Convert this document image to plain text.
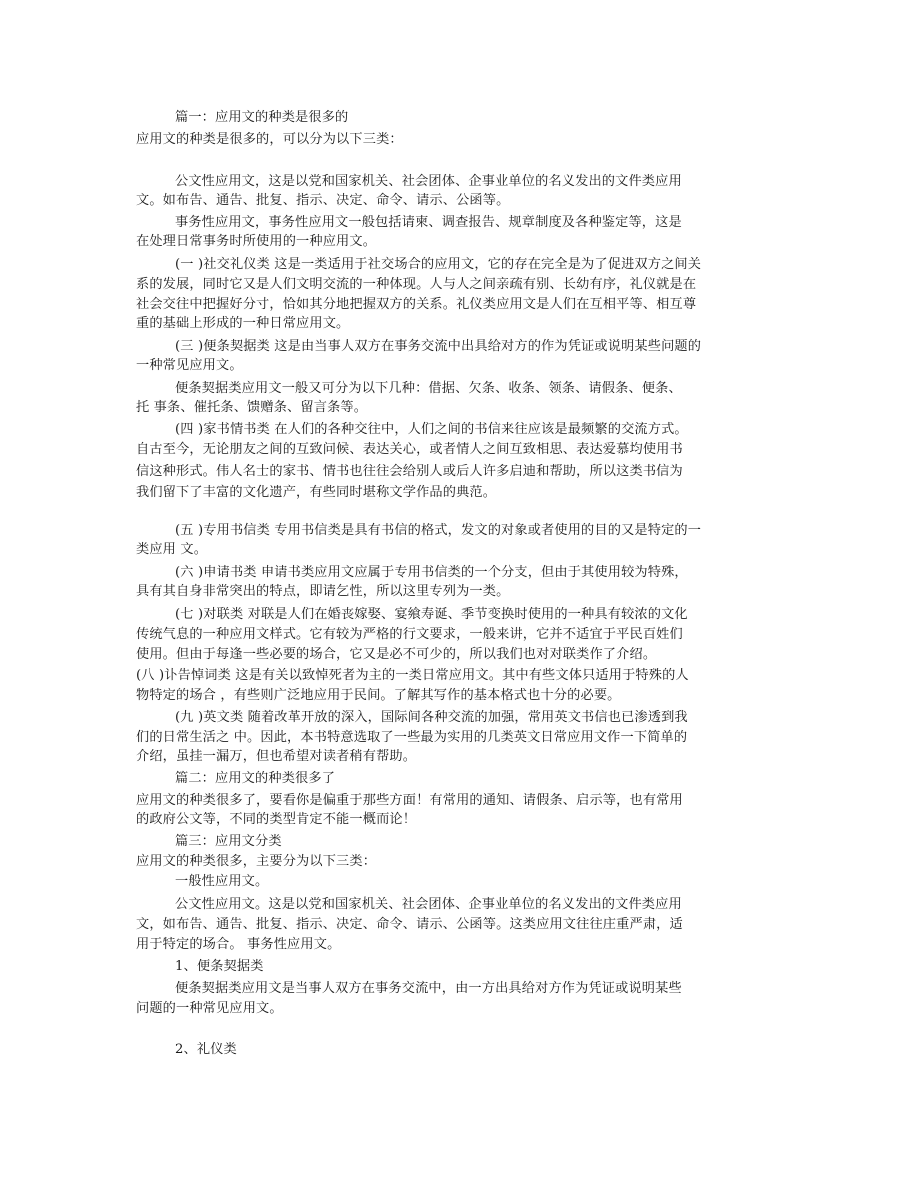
篇一：应用文的种类是很多的
应用文的种类是很多的，可以分为以下三类：
公文性应用文，这是以党和国家机关、社会团体、企事业单位的名义发出的文件类应用
文。如布告、通告、批复、指示、决定、命令、请示、公函等。
事务性应用文，事务性应用文一般包括请柬、调查报告、规章制度及各种鉴定等，这是
在处理日常事务时所使用的一种应用文。
(一 )社交礼仪类 这是一类适用于社交场合的应用文，它的存在完全是为了促进双方之间关
系的发展，同时它又是人们文明交流的一种体现。人与人之间亲疏有别、长幼有序，礼仪就是在
社会交往中把握好分寸，恰如其分地把握双方的关系。礼仪类应用文是人们在互相平等、相互尊
重的基础上形成的一种日常应用文。
(三 )便条契据类 这是由当事人双方在事务交流中出具给对方的作为凭证或说明某些问题的
一种常见应用文。
便条契据类应用文一般又可分为以下几种：借据、欠条、收条、领条、请假条、便条、
托 事条、催托条、馈赠条、留言条等。
(四 )家书情书类 在人们的各种交往中，人们之间的书信来往应该是最频繁的交流方式。
自古至今，无论朋友之间的互致问候、表达关心，或者情人之间互致相思、表达爱慕均使用书
信这种形式。伟人名士的家书、情书也往往会给别人或后人许多启迪和帮助，所以这类书信为
我们留下了丰富的文化遗产，有些同时堪称文学作品的典范。
(五 )专用书信类 专用书信类是具有书信的格式，发文的对象或者使用的目的又是特定的一
类应用 文。
(六 )申请书类 申请书类应用文应属于专用书信类的一个分支，但由于其使用较为特殊，
具有其自身非常突出的特点，即请乞性，所以这里专列为一类。
(七 )对联类 对联是人们在婚丧嫁娶、宴飨寿诞、季节变换时使用的一种具有较浓的文化
传统气息的一种应用文样式。它有较为严格的行文要求，一般来讲，它并不适宜于平民百姓们
使用。但由于每逢一些必要的场合，它又是必不可少的，所以我们也对对联类作了介绍。
(八 )讣告悼词类 这是有关以致悼死者为主的一类日常应用文。其中有些文体只适用于特殊的人
物特定的场合 ，有些则广泛地应用于民间。了解其写作的基本格式也十分的必要。
(九 )英文类 随着改革开放的深入，国际间各种交流的加强，常用英文书信也已渗透到我
们的日常生活之 中。因此，本书特意选取了一些最为实用的几类英文日常应用文作一下简单的
介绍，虽挂一漏万，但也希望对读者稍有帮助。
篇二：应用文的种类很多了
应用文的种类很多了，要看你是偏重于那些方面！有常用的通知、请假条、启示等，也有常用
的政府公文等，不同的类型肯定不能一概而论！
篇三：应用文分类
应用文的种类很多，主要分为以下三类：
一般性应用文。
公文性应用文。这是以党和国家机关、社会团体、企事业单位的名义发出的文件类应用
文，如布告、通告、批复、指示、决定、命令、请示、公函等。这类应用文往往庄重严肃，适
用于特定的场合。 事务性应用文。
1、便条契据类
便条契据类应用文是当事人双方在事务交流中，由一方出具给对方作为凭证或说明某些
问题的一种常见应用文。
2、礼仪类
